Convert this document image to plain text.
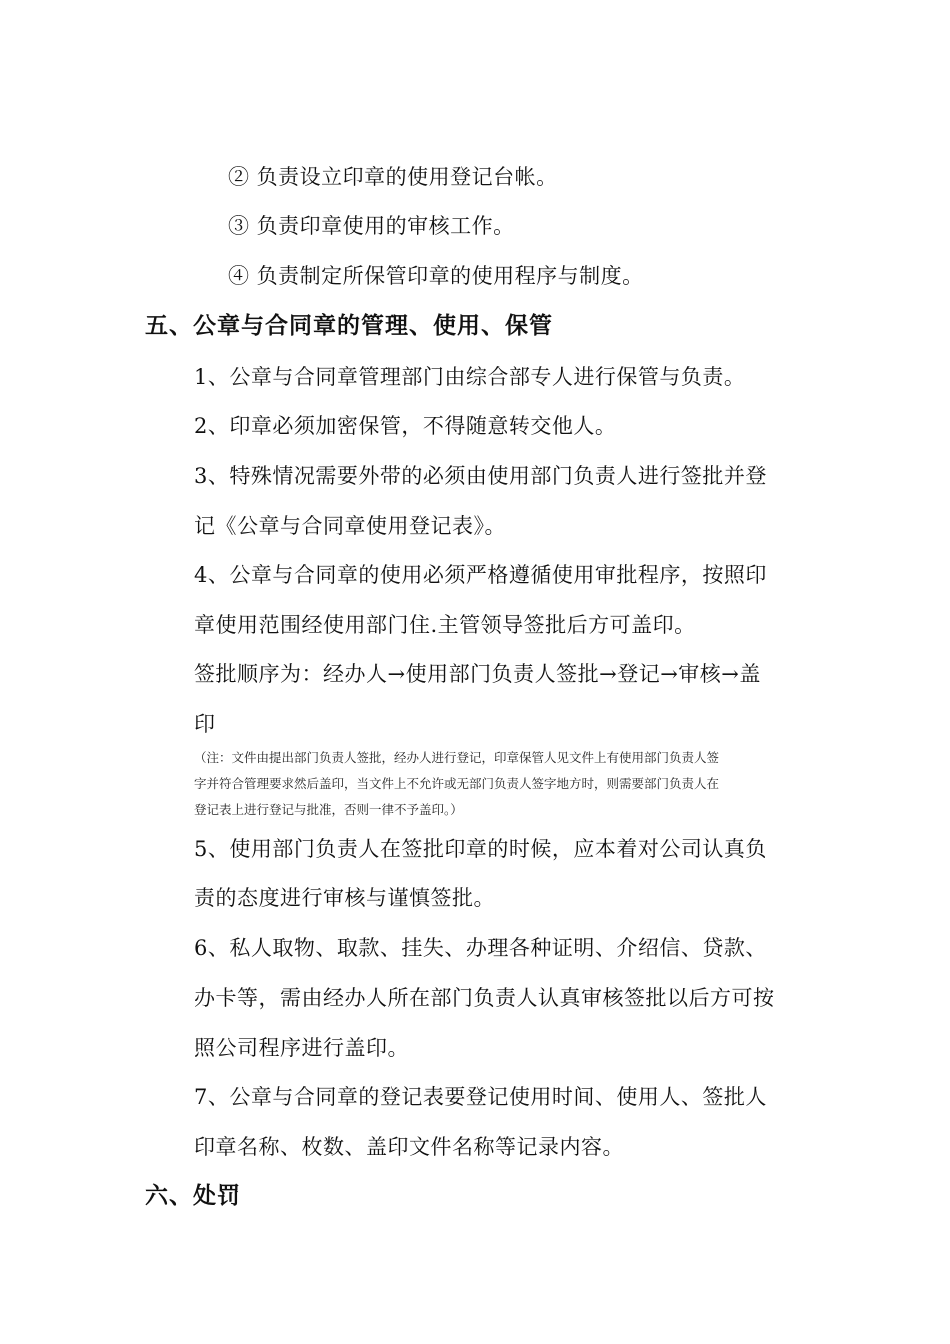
② 负责设立印章的使用登记台帐。
③ 负责印章使用的审核工作。
④ 负责制定所保管印章的使用程序与制度。
五、公章与合同章的管理、使用、保管
1、公章与合同章管理部门由综合部专人进行保管与负责。
2、印章必须加密保管，不得随意转交他人。
3、特殊情况需要外带的必须由使用部门负责人进行签批并登
记《公章与合同章使用登记表》。
4、公章与合同章的使用必须严格遵循使用审批程序，按照印
章使用范围经使用部门住.主管领导签批后方可盖印。
签批顺序为：经办人→使用部门负责人签批→登记→审核→盖
印
（注：文件由提出部门负责人签批，经办人进行登记，印章保管人见文件上有使用部门负责人签
字并符合管理要求然后盖印，当文件上不允许或无部门负责人签字地方时，则需要部门负责人在
登记表上进行登记与批准，否则一律不予盖印。）
5、使用部门负责人在签批印章的时候，应本着对公司认真负
责的态度进行审核与谨慎签批。
6、私人取物、取款、挂失、办理各种证明、介绍信、贷款、
办卡等，需由经办人所在部门负责人认真审核签批以后方可按
照公司程序进行盖印。
7、公章与合同章的登记表要登记使用时间、使用人、签批人
印章名称、枚数、盖印文件名称等记录内容。
六、处罚
